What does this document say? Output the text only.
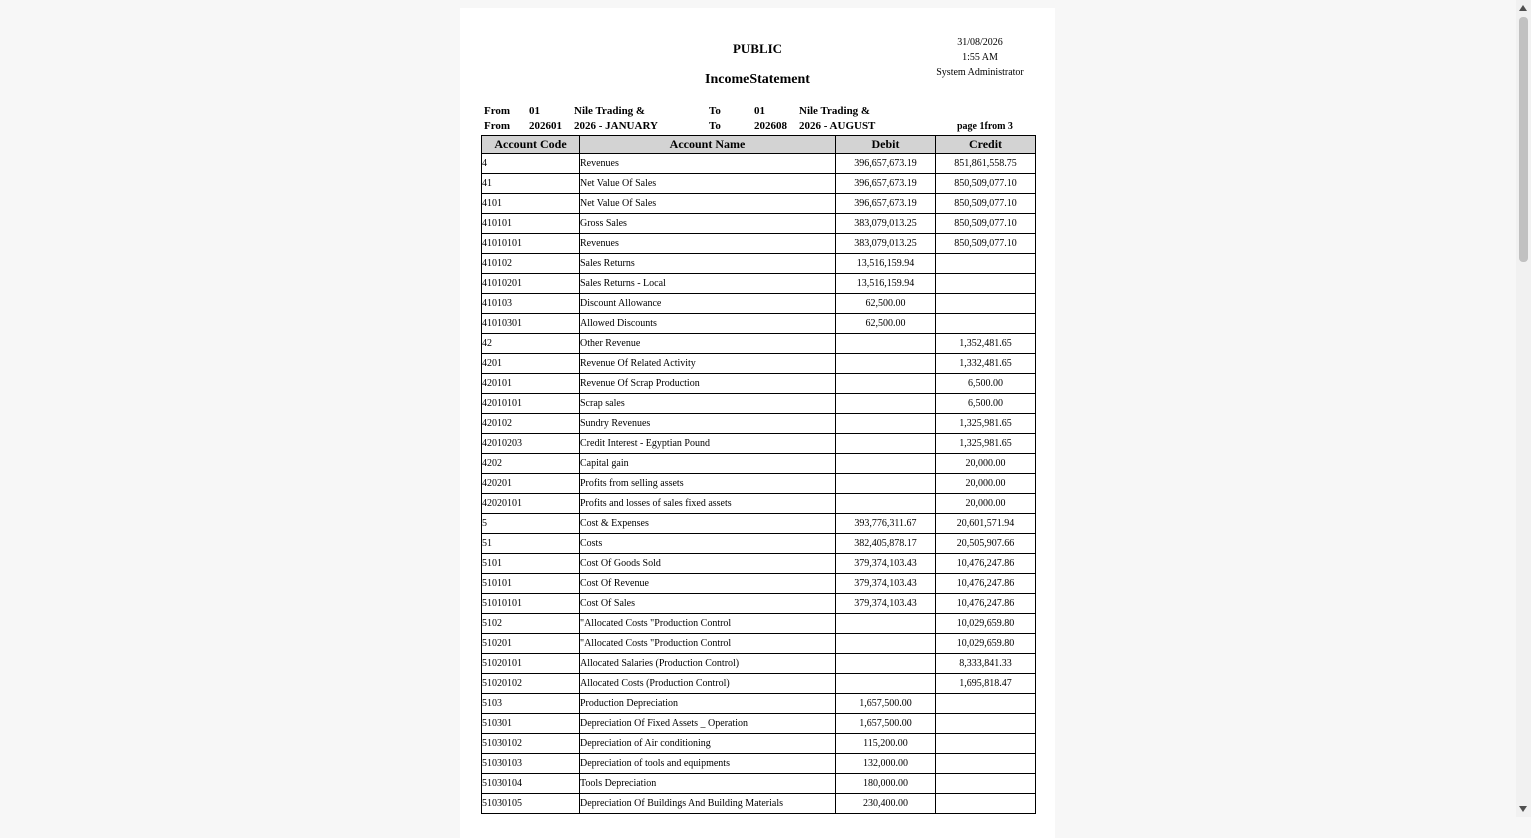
PUBLIC
IncomeStatement
31/08/2026
1:55 AM
System Administrator
From 01	Nile Trading &	To	01	Nile Trading &
From 202601 2026 - JANUARY	To	202608 2026 - AUGUST	page 1from 3
Account Code	Account Name	Debit	Credit
4	Revenues	396,657,673.19	851,861,558.75
41	Net Value Of Sales	396,657,673.19	850,509,077.10
4101	Net Value Of Sales	396,657,673.19	850,509,077.10
410101	Gross Sales	383,079,013.25	850,509,077.10
41010101	Revenues	383,079,013.25	850,509,077.10
410102	Sales Returns	13,516,159.94	
41010201	Sales Returns - Local	13,516,159.94	
410103	Discount Allowance	62,500.00	
41010301	Allowed Discounts	62,500.00	
42	Other Revenue		1,352,481.65
4201	Revenue Of Related Activity		1,332,481.65
420101	Revenue Of Scrap Production		6,500.00
42010101	Scrap sales		6,500.00
420102	Sundry Revenues		1,325,981.65
42010203	Credit Interest - Egyptian Pound		1,325,981.65
4202	Capital gain		20,000.00
420201	Profits from selling assets		20,000.00
42020101	Profits and losses of sales fixed assets		20,000.00
5	Cost & Expenses	393,776,311.67	20,601,571.94
51	Costs	382,405,878.17	20,505,907.66
5101	Cost Of Goods Sold	379,374,103.43	10,476,247.86
510101	Cost Of Revenue	379,374,103.43	10,476,247.86
51010101	Cost Of Sales	379,374,103.43	10,476,247.86
5102	"Allocated Costs "Production Control		10,029,659.80
510201	"Allocated Costs "Production Control		10,029,659.80
51020101	Allocated Salaries (Production Control)		8,333,841.33
51020102	Allocated Costs (Production Control)		1,695,818.47
5103	Production Depreciation	1,657,500.00	
510301	Depreciation Of Fixed Assets _ Operation	1,657,500.00	
51030102	Depreciation of Air conditioning	115,200.00	
51030103	Depreciation of tools and equipments	132,000.00	
51030104	Tools Depreciation	180,000.00	
51030105	Depreciation Of Buildings And Building Materials	230,400.00	
